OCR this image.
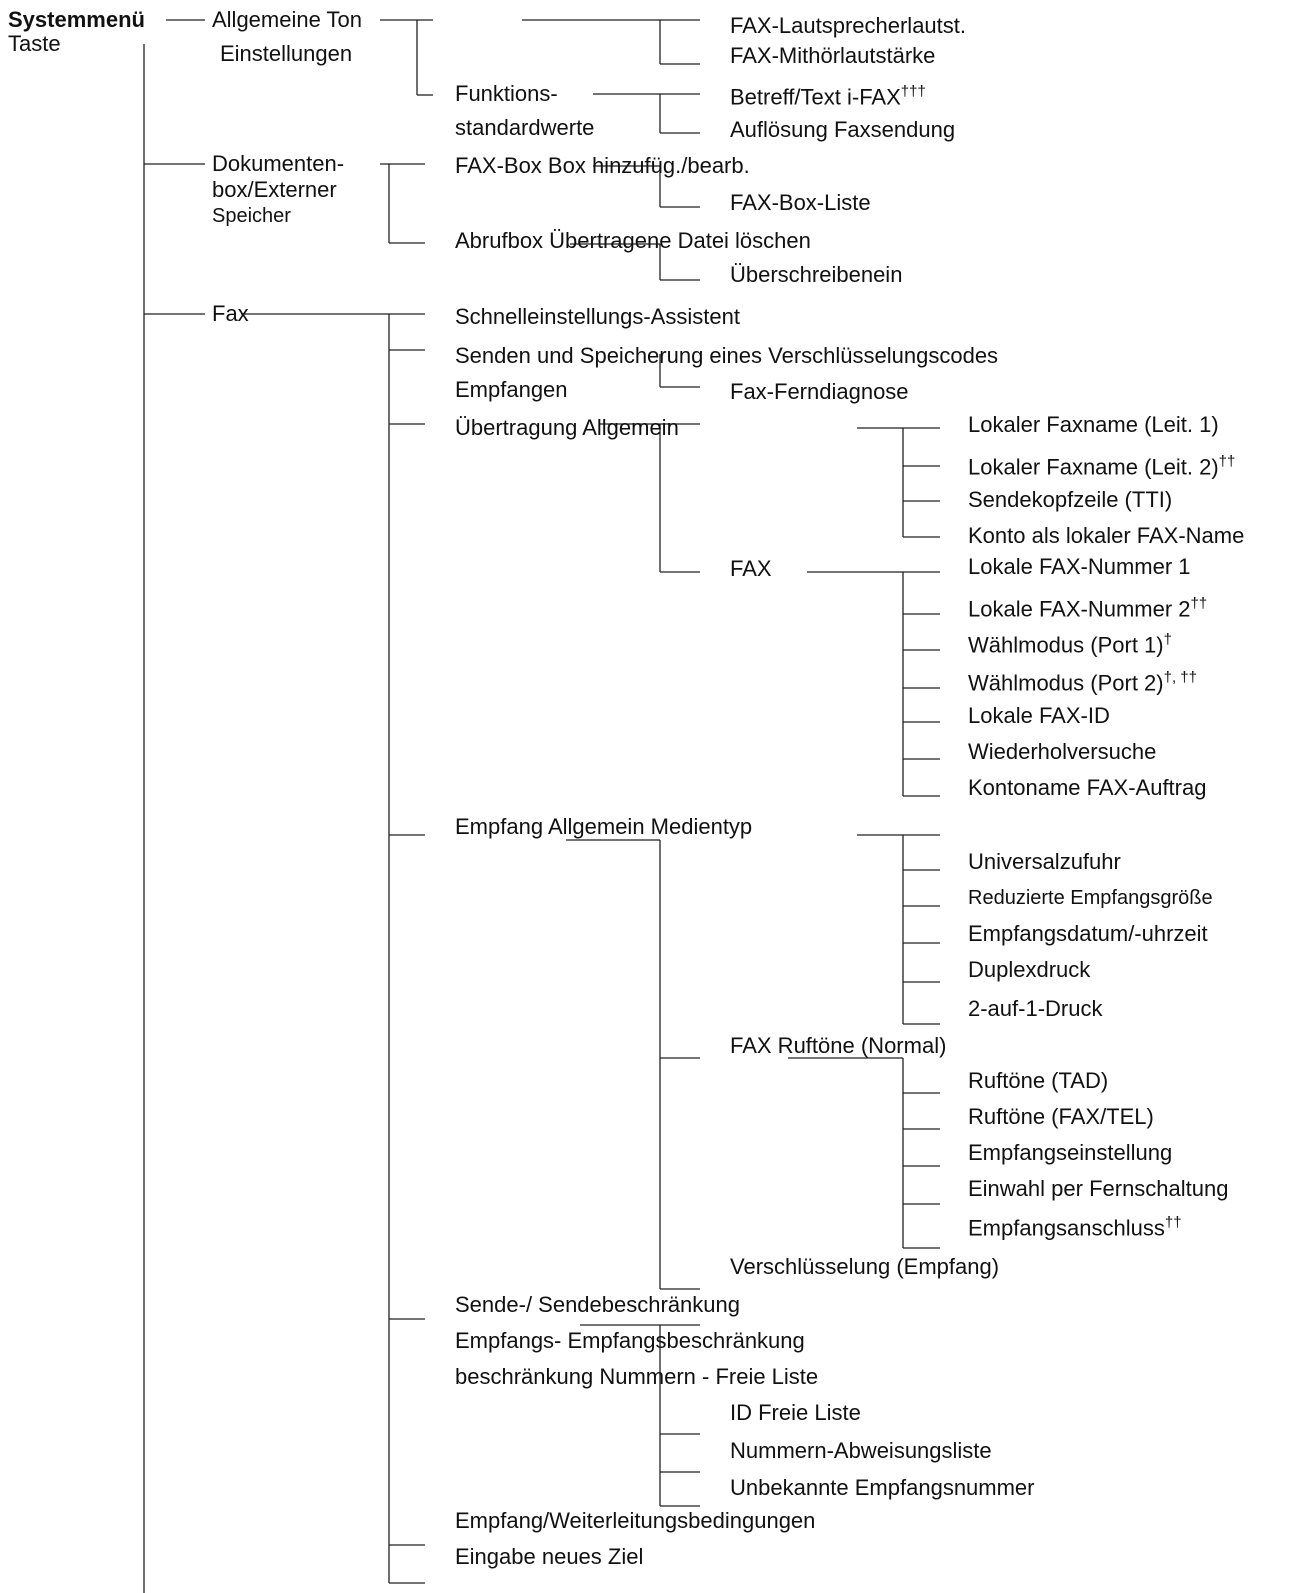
Systemmenü
Taste
Allgemeine Ton
Einstellungen
FAX-Lautsprecherlautst.
FAX-Mithörlautstärke
Funktions-
standardwerte
Betreff/Text i-FAX†††
Auflösung Faxsendung
Dokumenten-
box/Externer
Speicher
FAX-Box Box hinzufüg./bearb.
FAX-Box-Liste
Abrufbox Übertragene Datei löschen
Überschreibenein
Fax	Schnelleinstellungs-Assistent
Senden und Speicherung eines Verschlüsselungscodes
Empfangen	Fax-Ferndiagnose
Übertragung Allgemein	Lokaler Faxname (Leit. 1)
Lokaler Faxname (Leit. 2)††
Sendekopfzeile (TTI)
Konto als lokaler FAX-Name
FAX	Lokale FAX-Nummer 1
Lokale FAX-Nummer 2††
Wählmodus (Port 1)†
Wählmodus (Port 2)†, ††
Lokale FAX-ID
Wiederholversuche
Kontoname FAX-Auftrag
Empfang Allgemein Medientyp
Universalzufuhr
Reduzierte Empfangsgröße
Empfangsdatum/-uhrzeit
Duplexdruck
2-auf-1-Druck
FAX Ruftöne (Normal)
Ruftöne (TAD)
Ruftöne (FAX/TEL)
Empfangseinstellung
Einwahl per Fernschaltung
Empfangsanschluss††
Verschlüsselung (Empfang)
Sende-/ Sendebeschränkung
Empfangs- Empfangsbeschränkung
beschränkung Nummern - Freie Liste
ID Freie Liste
Nummern-Abweisungsliste
Unbekannte Empfangsnummer
Empfang/Weiterleitungsbedingungen
Eingabe neues Ziel
